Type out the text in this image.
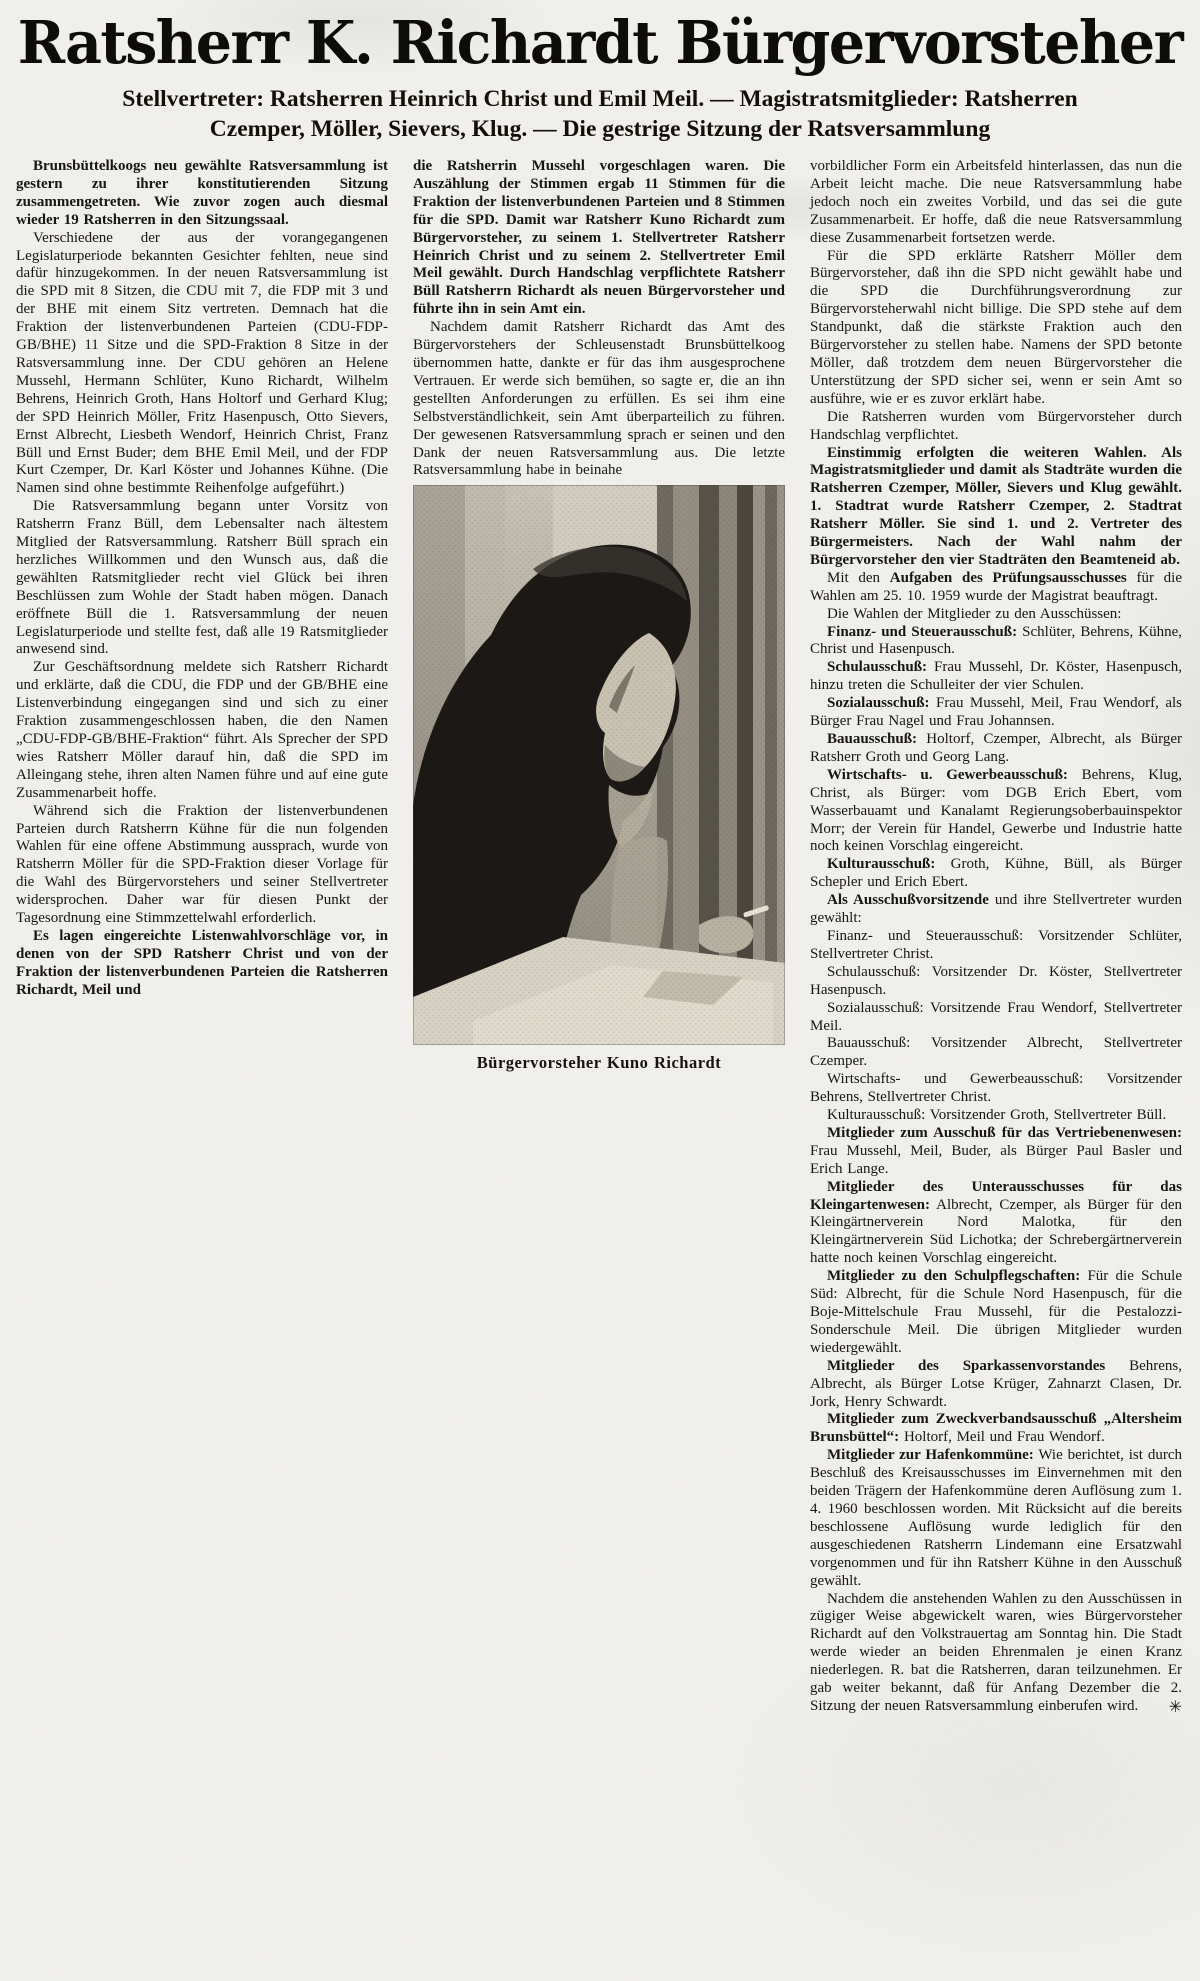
Ratsherr K. Richardt Bürgervorsteher
Stellvertreter: Ratsherren Heinrich Christ und Emil Meil. — Magistratsmitglieder: Ratsherren
Czemper, Möller, Sievers, Klug. — Die gestrige Sitzung der Ratsversammlung

Brunsbüttelkoogs neu gewählte Ratsversammlung ist gestern zu ihrer konstitutierenden Sitzung zusammengetreten. Wie zuvor zogen auch diesmal wieder 19 Ratsherren in den Sitzungssaal.

Verschiedene der aus der vorangegangenen Legislaturperiode bekannten Gesichter fehlten, neue sind dafür hinzugekommen. In der neuen Ratsversammlung ist die SPD mit 8 Sitzen, die CDU mit 7, die FDP mit 3 und der BHE mit einem Sitz vertreten. Demnach hat die Fraktion der listenverbundenen Parteien (CDU-FDP-GB/BHE) 11 Sitze und die SPD-Fraktion 8 Sitze in der Ratsversammlung inne. Der CDU gehören an Helene Mussehl, Hermann Schlüter, Kuno Richardt, Wilhelm Behrens, Heinrich Groth, Hans Holtorf und Gerhard Klug; der SPD Heinrich Möller, Fritz Hasenpusch, Otto Sievers, Ernst Albrecht, Liesbeth Wendorf, Heinrich Christ, Franz Büll und Ernst Buder; dem BHE Emil Meil, und der FDP Kurt Czemper, Dr. Karl Köster und Johannes Kühne. (Die Namen sind ohne bestimmte Reihenfolge aufgeführt.)

Die Ratsversammlung begann unter Vorsitz von Ratsherrn Franz Büll, dem Lebensalter nach ältestem Mitglied der Ratsversammlung. Ratsherr Büll sprach ein herzliches Willkommen und den Wunsch aus, daß die gewählten Ratsmitglieder recht viel Glück bei ihren Beschlüssen zum Wohle der Stadt haben mögen. Danach eröffnete Büll die 1. Ratsversammlung der neuen Legislaturperiode und stellte fest, daß alle 19 Ratsmitglieder anwesend sind.

Zur Geschäftsordnung meldete sich Ratsherr Richardt und erklärte, daß die CDU, die FDP und der GB/BHE eine Listenverbindung eingegangen sind und sich zu einer Fraktion zusammengeschlossen haben, die den Namen „CDU-FDP-GB/BHE-Fraktion“ führt. Als Sprecher der SPD wies Ratsherr Möller darauf hin, daß die SPD im Alleingang stehe, ihren alten Namen führe und auf eine gute Zusammenarbeit hoffe.

Während sich die Fraktion der listenverbundenen Parteien durch Ratsherrn Kühne für die nun folgenden Wahlen für eine offene Abstimmung aussprach, wurde von Ratsherrn Möller für die SPD-Fraktion dieser Vorlage für die Wahl des Bürgervorstehers und seiner Stellvertreter widersprochen. Daher war für diesen Punkt der Tagesordnung eine Stimmzettelwahl erforderlich.

Es lagen eingereichte Listenwahlvorschläge vor, in denen von der SPD Ratsherr Christ und von der Fraktion der listenverbundenen Parteien die Ratsherren Richardt, Meil und

die Ratsherrin Mussehl vorgeschlagen waren. Die Auszählung der Stimmen ergab 11 Stimmen für die Fraktion der listenverbundenen Parteien und 8 Stimmen für die SPD. Damit war Ratsherr Kuno Richardt zum Bürgervorsteher, zu seinem 1. Stellvertreter Ratsherr Heinrich Christ und zu seinem 2. Stellvertreter Emil Meil gewählt. Durch Handschlag verpflichtete Ratsherr Büll Ratsherrn Richardt als neuen Bürgervorsteher und führte ihn in sein Amt ein.

Nachdem damit Ratsherr Richardt das Amt des Bürgervorstehers der Schleusenstadt Brunsbüttelkoog übernommen hatte, dankte er für das ihm ausgesprochene Vertrauen. Er werde sich bemühen, so sagte er, die an ihn gestellten Anforderungen zu erfüllen. Es sei ihm eine Selbstverständlichkeit, sein Amt überparteilich zu führen. Der gewesenen Ratsversammlung sprach er seinen und den Dank der neuen Ratsversammlung aus. Die letzte Ratsversammlung habe in beinahe

Bürgervorsteher Kuno Richardt

vorbildlicher Form ein Arbeitsfeld hinterlassen, das nun die Arbeit leicht mache. Die neue Ratsversammlung habe jedoch noch ein zweites Vorbild, und das sei die gute Zusammenarbeit. Er hoffe, daß die neue Ratsversammlung diese Zusammenarbeit fortsetzen werde.

Für die SPD erklärte Ratsherr Möller dem Bürgervorsteher, daß ihn die SPD nicht gewählt habe und die SPD die Durchführungsverordnung zur Bürgervorsteherwahl nicht billige. Die SPD stehe auf dem Standpunkt, daß die stärkste Fraktion auch den Bürgervorsteher zu stellen habe. Namens der SPD betonte Möller, daß trotzdem dem neuen Bürgervorsteher die Unterstützung der SPD sicher sei, wenn er sein Amt so ausführe, wie er es zuvor erklärt habe.

Die Ratsherren wurden vom Bürgervorsteher durch Handschlag verpflichtet.

Einstimmig erfolgten die weiteren Wahlen. Als Magistratsmitglieder und damit als Stadträte wurden die Ratsherren Czemper, Möller, Sievers und Klug gewählt. 1. Stadtrat wurde Ratsherr Czemper, 2. Stadtrat Ratsherr Möller. Sie sind 1. und 2. Vertreter des Bürgermeisters. Nach der Wahl nahm der Bürgervorsteher den vier Stadträten den Beamteneid ab.

Mit den Aufgaben des Prüfungsausschusses für die Wahlen am 25. 10. 1959 wurde der Magistrat beauftragt.

Die Wahlen der Mitglieder zu den Ausschüssen:

Finanz- und Steuerausschuß: Schlüter, Behrens, Kühne, Christ und Hasenpusch.

Schulausschuß: Frau Mussehl, Dr. Köster, Hasenpusch, hinzu treten die Schulleiter der vier Schulen.

Sozialausschuß: Frau Mussehl, Meil, Frau Wendorf, als Bürger Frau Nagel und Frau Johannsen.

Bauausschuß: Holtorf, Czemper, Albrecht, als Bürger Ratsherr Groth und Georg Lang.

Wirtschafts- u. Gewerbeausschuß: Behrens, Klug, Christ, als Bürger: vom DGB Erich Ebert, vom Wasserbauamt und Kanalamt Regierungsoberbauinspektor Morr; der Verein für Handel, Gewerbe und Industrie hatte noch keinen Vorschlag eingereicht.

Kulturausschuß: Groth, Kühne, Büll, als Bürger Schepler und Erich Ebert.

Als Ausschußvorsitzende und ihre Stellvertreter wurden gewählt:

Finanz- und Steuerausschuß: Vorsitzender Schlüter, Stellvertreter Christ.

Schulausschuß: Vorsitzender Dr. Köster, Stellvertreter Hasenpusch.

Sozialausschuß: Vorsitzende Frau Wendorf, Stellvertreter Meil.

Bauausschuß: Vorsitzender Albrecht, Stellvertreter Czemper.

Wirtschafts- und Gewerbeausschuß: Vorsitzender Behrens, Stellvertreter Christ.

Kulturausschuß: Vorsitzender Groth, Stellvertreter Büll.

Mitglieder zum Ausschuß für das Vertriebenenwesen: Frau Mussehl, Meil, Buder, als Bürger Paul Basler und Erich Lange.

Mitglieder des Unterausschusses für das Kleingartenwesen: Albrecht, Czemper, als Bürger für den Kleingärtnerverein Nord Malotka, für den Kleingärtnerverein Süd Lichotka; der Schrebergärtnerverein hatte noch keinen Vorschlag eingereicht.

Mitglieder zu den Schulpflegschaften: Für die Schule Süd: Albrecht, für die Schule Nord Hasenpusch, für die Boje-Mittelschule Frau Mussehl, für die Pestalozzi-Sonderschule Meil. Die übrigen Mitglieder wurden wiedergewählt.

Mitglieder des Sparkassenvorstandes Behrens, Albrecht, als Bürger Lotse Krüger, Zahnarzt Clasen, Dr. Jork, Henry Schwardt.

Mitglieder zum Zweckverbandsausschuß „Altersheim Brunsbüttel“: Holtorf, Meil und Frau Wendorf.

Mitglieder zur Hafenkommüne: Wie berichtet, ist durch Beschluß des Kreisausschusses im Einvernehmen mit den beiden Trägern der Hafenkommüne deren Auflösung zum 1. 4. 1960 beschlossen worden. Mit Rücksicht auf die bereits beschlossene Auflösung wurde lediglich für den ausgeschiedenen Ratsherrn Lindemann eine Ersatzwahl vorgenommen und für ihn Ratsherr Kühne in den Ausschuß gewählt.

Nachdem die anstehenden Wahlen zu den Ausschüssen in zügiger Weise abgewickelt waren, wies Bürgervorsteher Richardt auf den Volkstrauertag am Sonntag hin. Die Stadt werde wieder an beiden Ehrenmalen je einen Kranz niederlegen. R. bat die Ratsherren, daran teilzunehmen. Er gab weiter bekannt, daß für Anfang Dezember die 2. Sitzung der neuen Ratsversammlung einberufen wird.	✳
